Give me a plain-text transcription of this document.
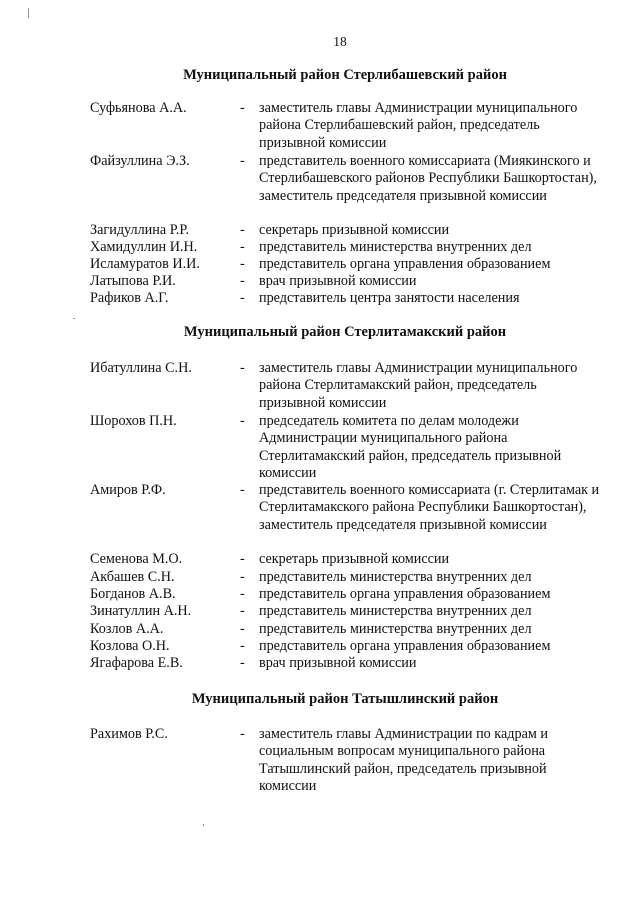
18
Муниципальный район Стерлибашевский район
Суфьянова А.А.	- заместитель главы Администрации муниципального района Стерлибашевский район, председатель призывной комиссии
Файзуллина Э.З.	- представитель военного комиссариата (Миякинского и Стерлибашевского районов Республики Башкортостан), заместитель председателя призывной комиссии
Загидуллина Р.Р.	- секретарь призывной комиссии
Хамидуллин И.Н.	- представитель министерства внутренних дел
Исламуратов И.И.	- представитель органа управления образованием
Латыпова Р.И.	- врач призывной комиссии
Рафиков А.Г.	- представитель центра занятости населения
Муниципальный район Стерлитамакский район
Ибатуллина С.Н.	- заместитель главы Администрации муниципального района Стерлитамакский район, председатель призывной комиссии
Шорохов П.Н.	- председатель комитета по делам молодежи Администрации муниципального района Стерлитамакский район, председатель призывной комиссии
Амиров Р.Ф.	- представитель военного комиссариата (г. Стерлитамак и Стерлитамакского района Республики Башкортостан), заместитель председателя призывной комиссии
Семенова М.О.	- секретарь призывной комиссии
Акбашев С.Н.	- представитель министерства внутренних дел
Богданов А.В.	- представитель органа управления образованием
Зинатуллин А.Н.	- представитель министерства внутренних дел
Козлов А.А.	- представитель министерства внутренних дел
Козлова О.Н.	- представитель органа управления образованием
Ягафарова Е.В.	- врач призывной комиссии
Муниципальный район Татышлинский район
Рахимов Р.С.	- заместитель главы Администрации по кадрам и социальным вопросам муниципального района Татышлинский район, председатель призывной комиссии
